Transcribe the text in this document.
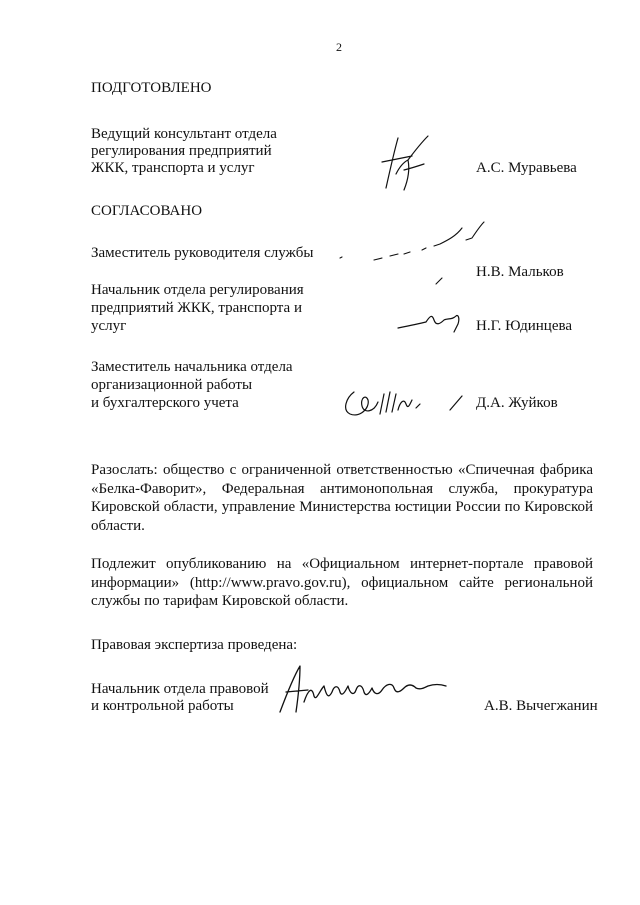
2
ПОДГОТОВЛЕНО
Ведущий консультант отдела
регулирования предприятий
ЖКК, транспорта и услуг	А.С. Муравьева
СОГЛАСОВАНО
Заместитель руководителя службы
Н.В. Мальков
Начальник отдела регулирования
предприятий ЖКК, транспорта и
услуг	Н.Г. Юдинцева
Заместитель начальника отдела
организационной работы
и бухгалтерского учета	Д.А. Жуйков
Разослать: общество с ограниченной ответственностью «Спичечная фабрика «Белка-Фаворит», Федеральная антимонопольная служба, прокуратура Кировской области, управление Министерства юстиции России по Кировской области.
Подлежит опубликованию на «Официальном интернет-портале правовой информации» (http://www.pravo.gov.ru), официальном сайте региональной службы по тарифам Кировской области.
Правовая экспертиза проведена:
Начальник отдела правовой
и контрольной работы	А.В. Вычегжанин
